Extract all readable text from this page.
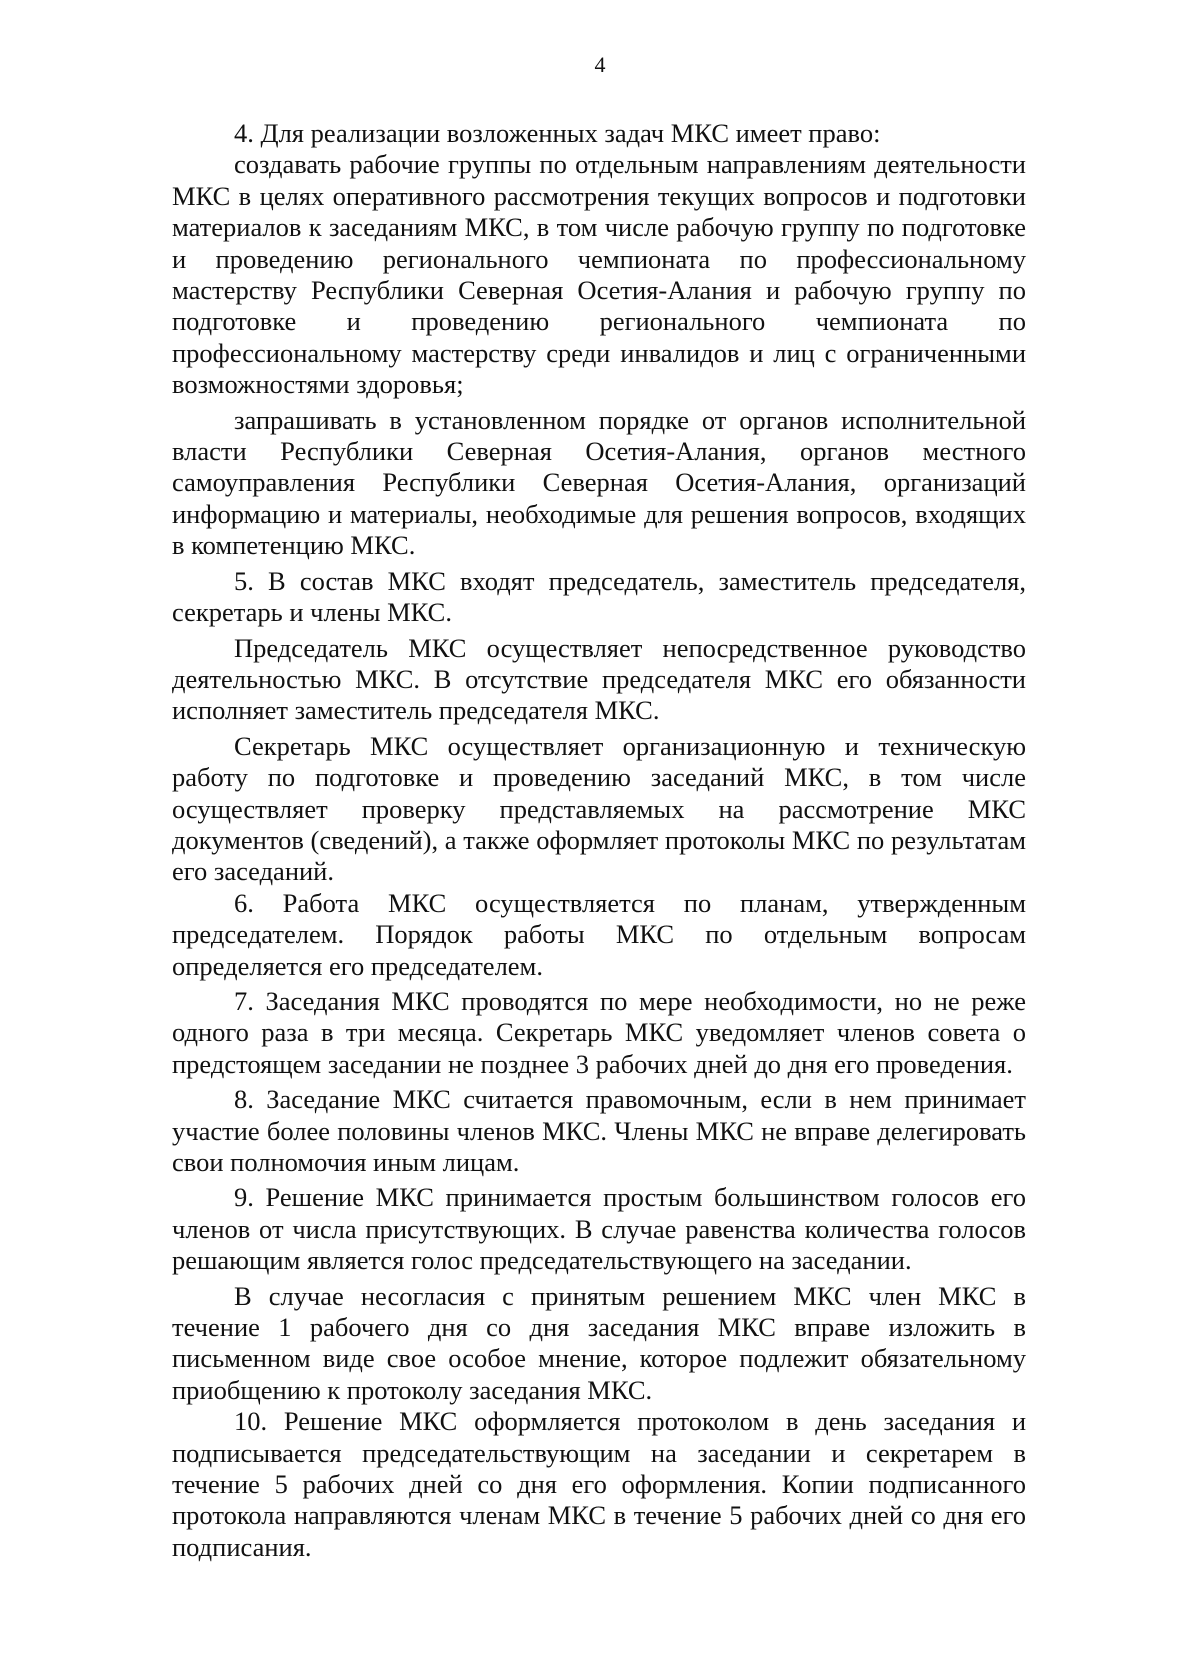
4

4. Для реализации возложенных задач МКС имеет право:

создавать рабочие группы по отдельным направлениям деятельности МКС в целях оперативного рассмотрения текущих вопросов и подготовки материалов к заседаниям МКС, в том числе рабочую группу по подготовке и проведению регионального чемпионата по профессиональному мастерству Республики Северная Осетия-Алания и рабочую группу по подготовке и проведению регионального чемпионата по профессиональному мастерству среди инвалидов и лиц с ограниченными возможностями здоровья;

запрашивать в установленном порядке от органов исполнительной власти Республики Северная Осетия-Алания, органов местного самоуправления Республики Северная Осетия-Алания, организаций информацию и материалы, необходимые для решения вопросов, входящих в компетенцию МКС.

5. В состав МКС входят председатель, заместитель председателя, секретарь и члены МКС.

Председатель МКС осуществляет непосредственное руководство деятельностью МКС. В отсутствие председателя МКС его обязанности исполняет заместитель председателя МКС.

Секретарь МКС осуществляет организационную и техническую работу по подготовке и проведению заседаний МКС, в том числе осуществляет проверку представляемых на рассмотрение МКС документов (сведений), а также оформляет протоколы МКС по результатам его заседаний.

6. Работа МКС осуществляется по планам, утвержденным председателем. Порядок работы МКС по отдельным вопросам определяется его председателем.

7. Заседания МКС проводятся по мере необходимости, но не реже одного раза в три месяца. Секретарь МКС уведомляет членов совета о предстоящем заседании не позднее 3 рабочих дней до дня его проведения.

8. Заседание МКС считается правомочным, если в нем принимает участие более половины членов МКС. Члены МКС не вправе делегировать свои полномочия иным лицам.

9. Решение МКС принимается простым большинством голосов его членов от числа присутствующих. В случае равенства количества голосов решающим является голос председательствующего на заседании.

В случае несогласия с принятым решением МКС член МКС в течение 1 рабочего дня со дня заседания МКС вправе изложить в письменном виде свое особое мнение, которое подлежит обязательному приобщению к протоколу заседания МКС.

10. Решение МКС оформляется протоколом в день заседания и подписывается председательствующим на заседании и секретарем в течение 5 рабочих дней со дня его оформления. Копии подписанного протокола направляются членам МКС в течение 5 рабочих дней со дня его подписания.
